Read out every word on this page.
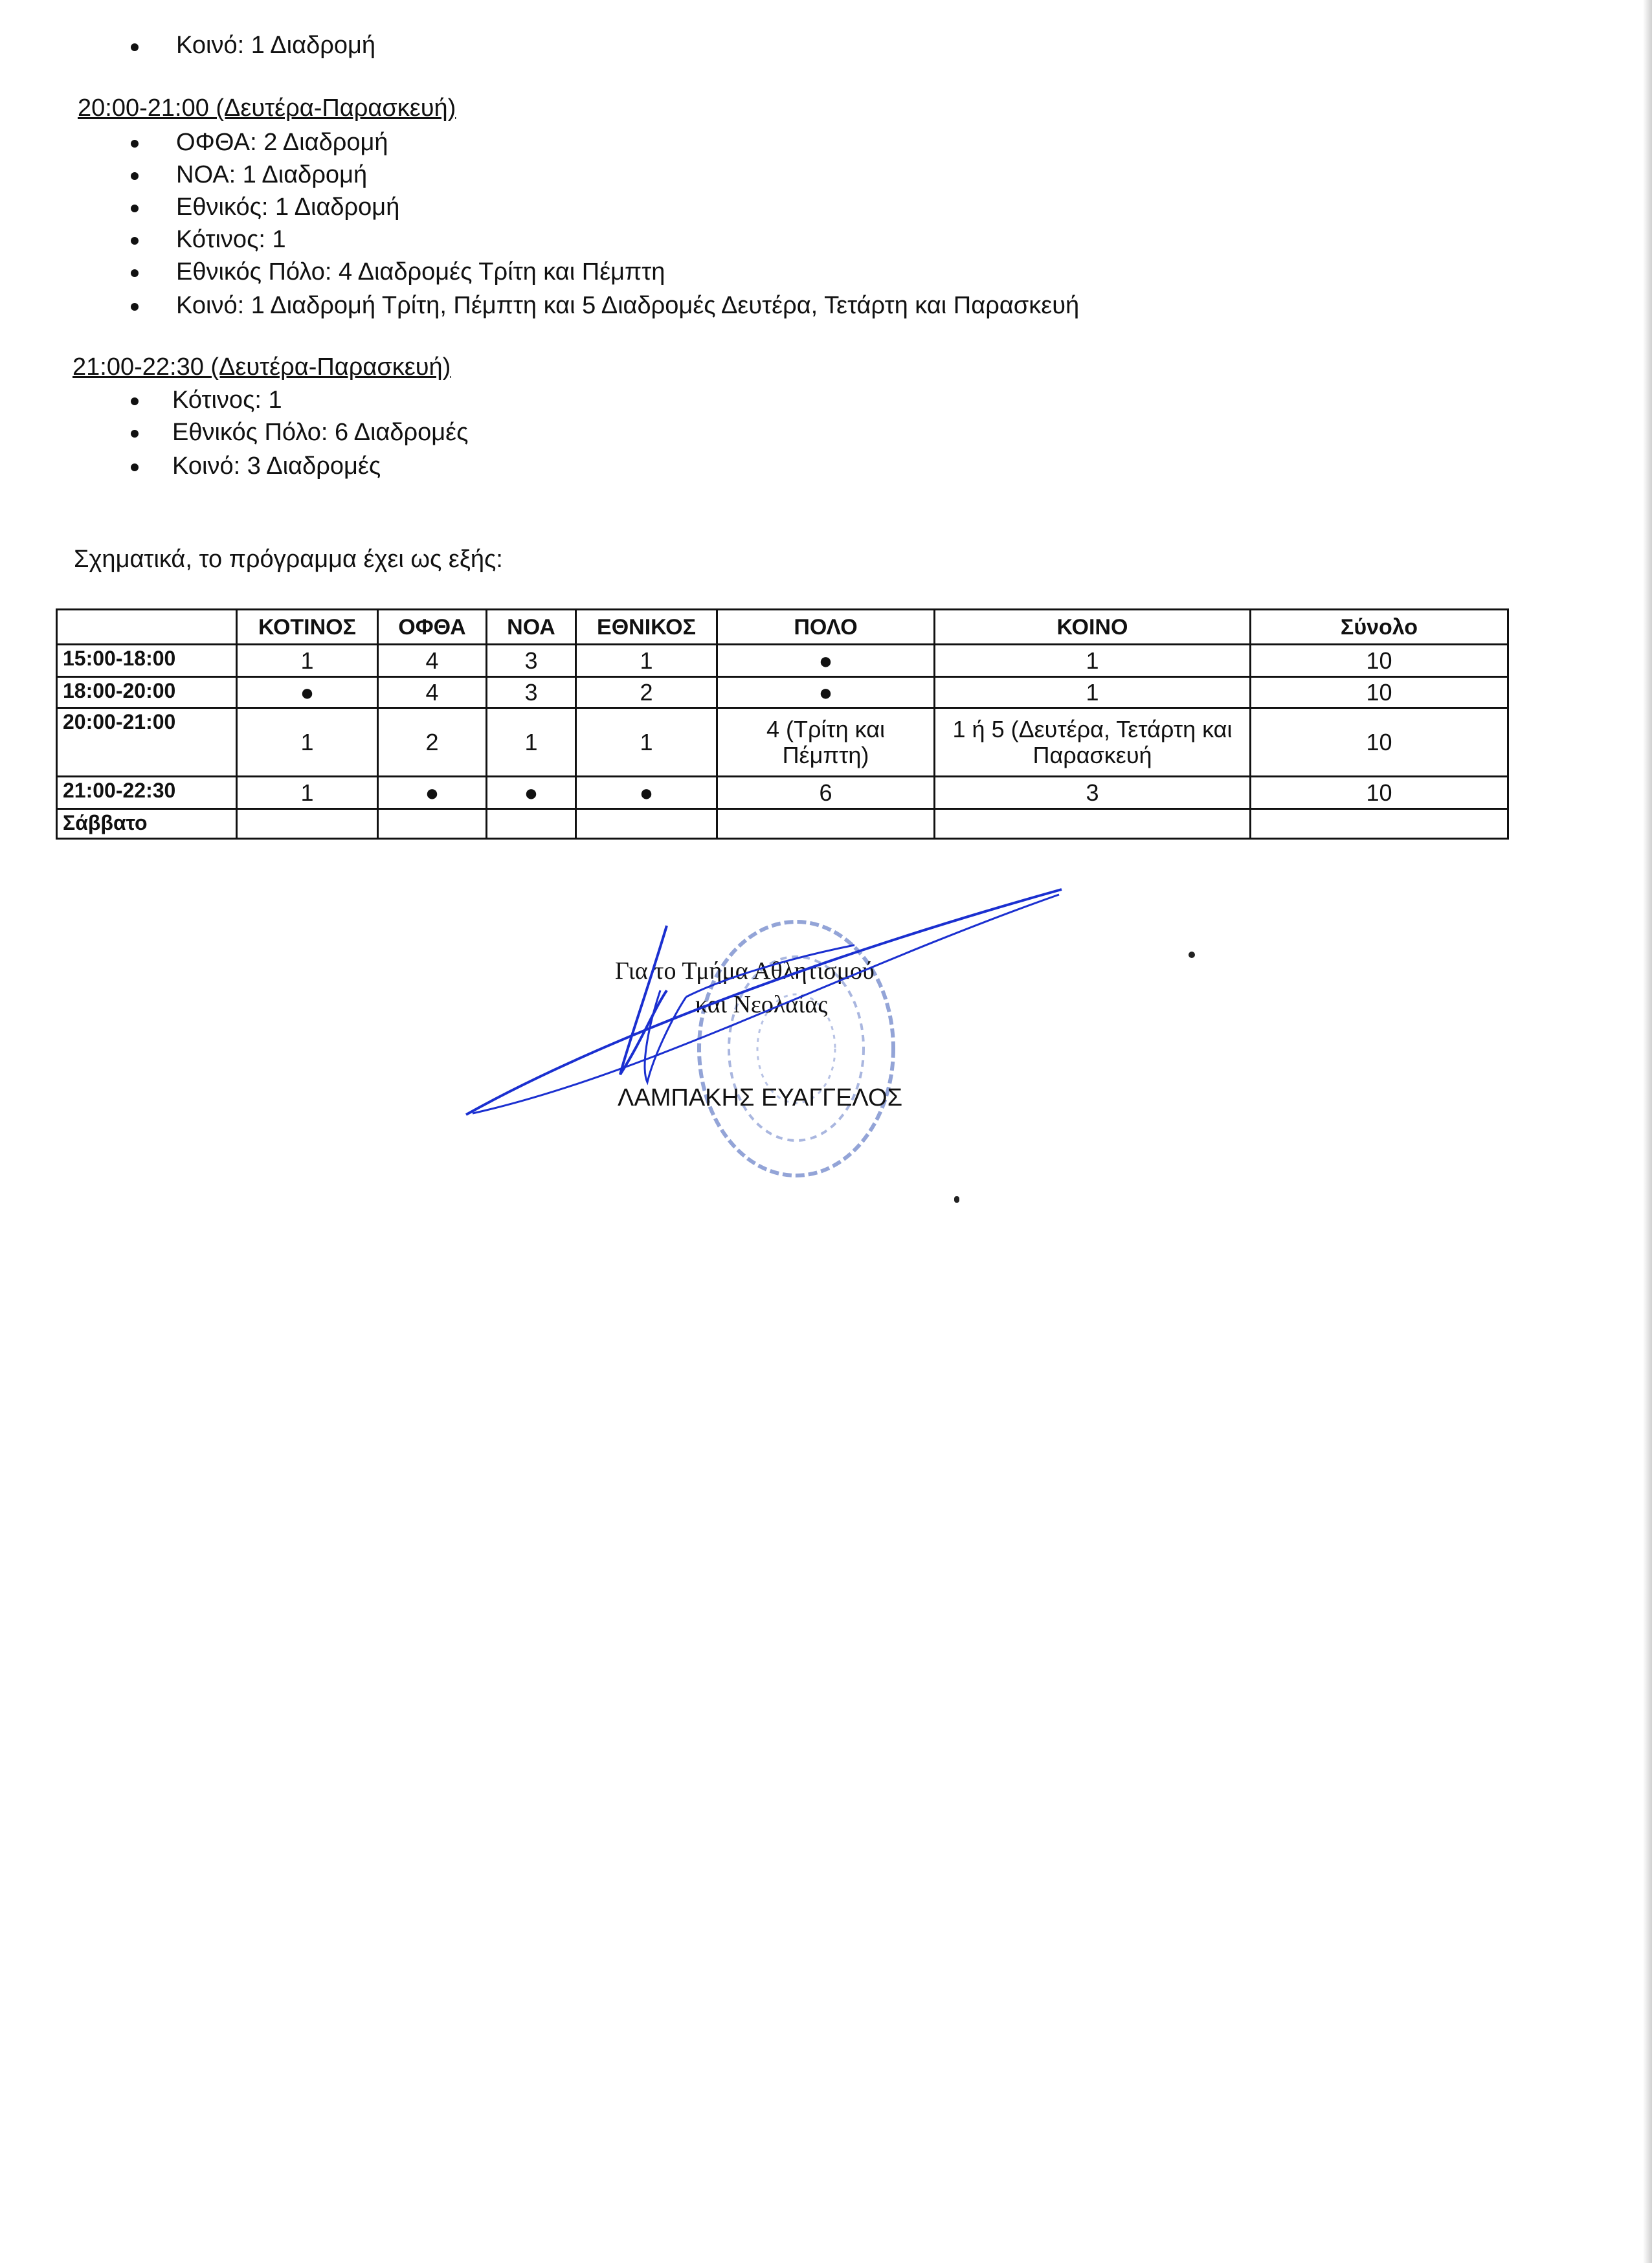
Κοινό: 1 Διαδρομή
20:00-21:00 (Δευτέρα-Παρασκευή)
ΟΦΘΑ: 2 Διαδρομή
ΝΟΑ: 1 Διαδρομή
Εθνικός: 1 Διαδρομή
Κότινος: 1
Εθνικός Πόλο: 4 Διαδρομές Τρίτη και Πέμπτη
Κοινό: 1 Διαδρομή Τρίτη, Πέμπτη και 5 Διαδρομές Δευτέρα, Τετάρτη και Παρασκευή
21:00-22:30 (Δευτέρα-Παρασκευή)
Κότινος: 1
Εθνικός Πόλο: 6 Διαδρομές
Κοινό: 3 Διαδρομές
Σχηματικά, το πρόγραμμα έχει ως εξής:
	ΚΟΤΙΝΟΣ	ΟΦΘΑ	ΝΟΑ	ΕΘΝΙΚΟΣ	ΠΟΛΟ	ΚΟΙΝΟ	Σύνολο
15:00-18:00	1	4	3	1	●	1	10
18:00-20:00	●	4	3	2	●	1	10
20:00-21:00	1	2	1	1	4 (Τρίτη και Πέμπτη)	1 ή 5 (Δευτέρα, Τετάρτη και Παρασκευή	10
21:00-22:30	1	●	●	●	6	3	10
Σάββατο							
Για το Τμήμα Αθλητισμού
και Νεολαίας
ΛΑΜΠΑΚΗΣ ΕΥΑΓΓΕΛΟΣ
